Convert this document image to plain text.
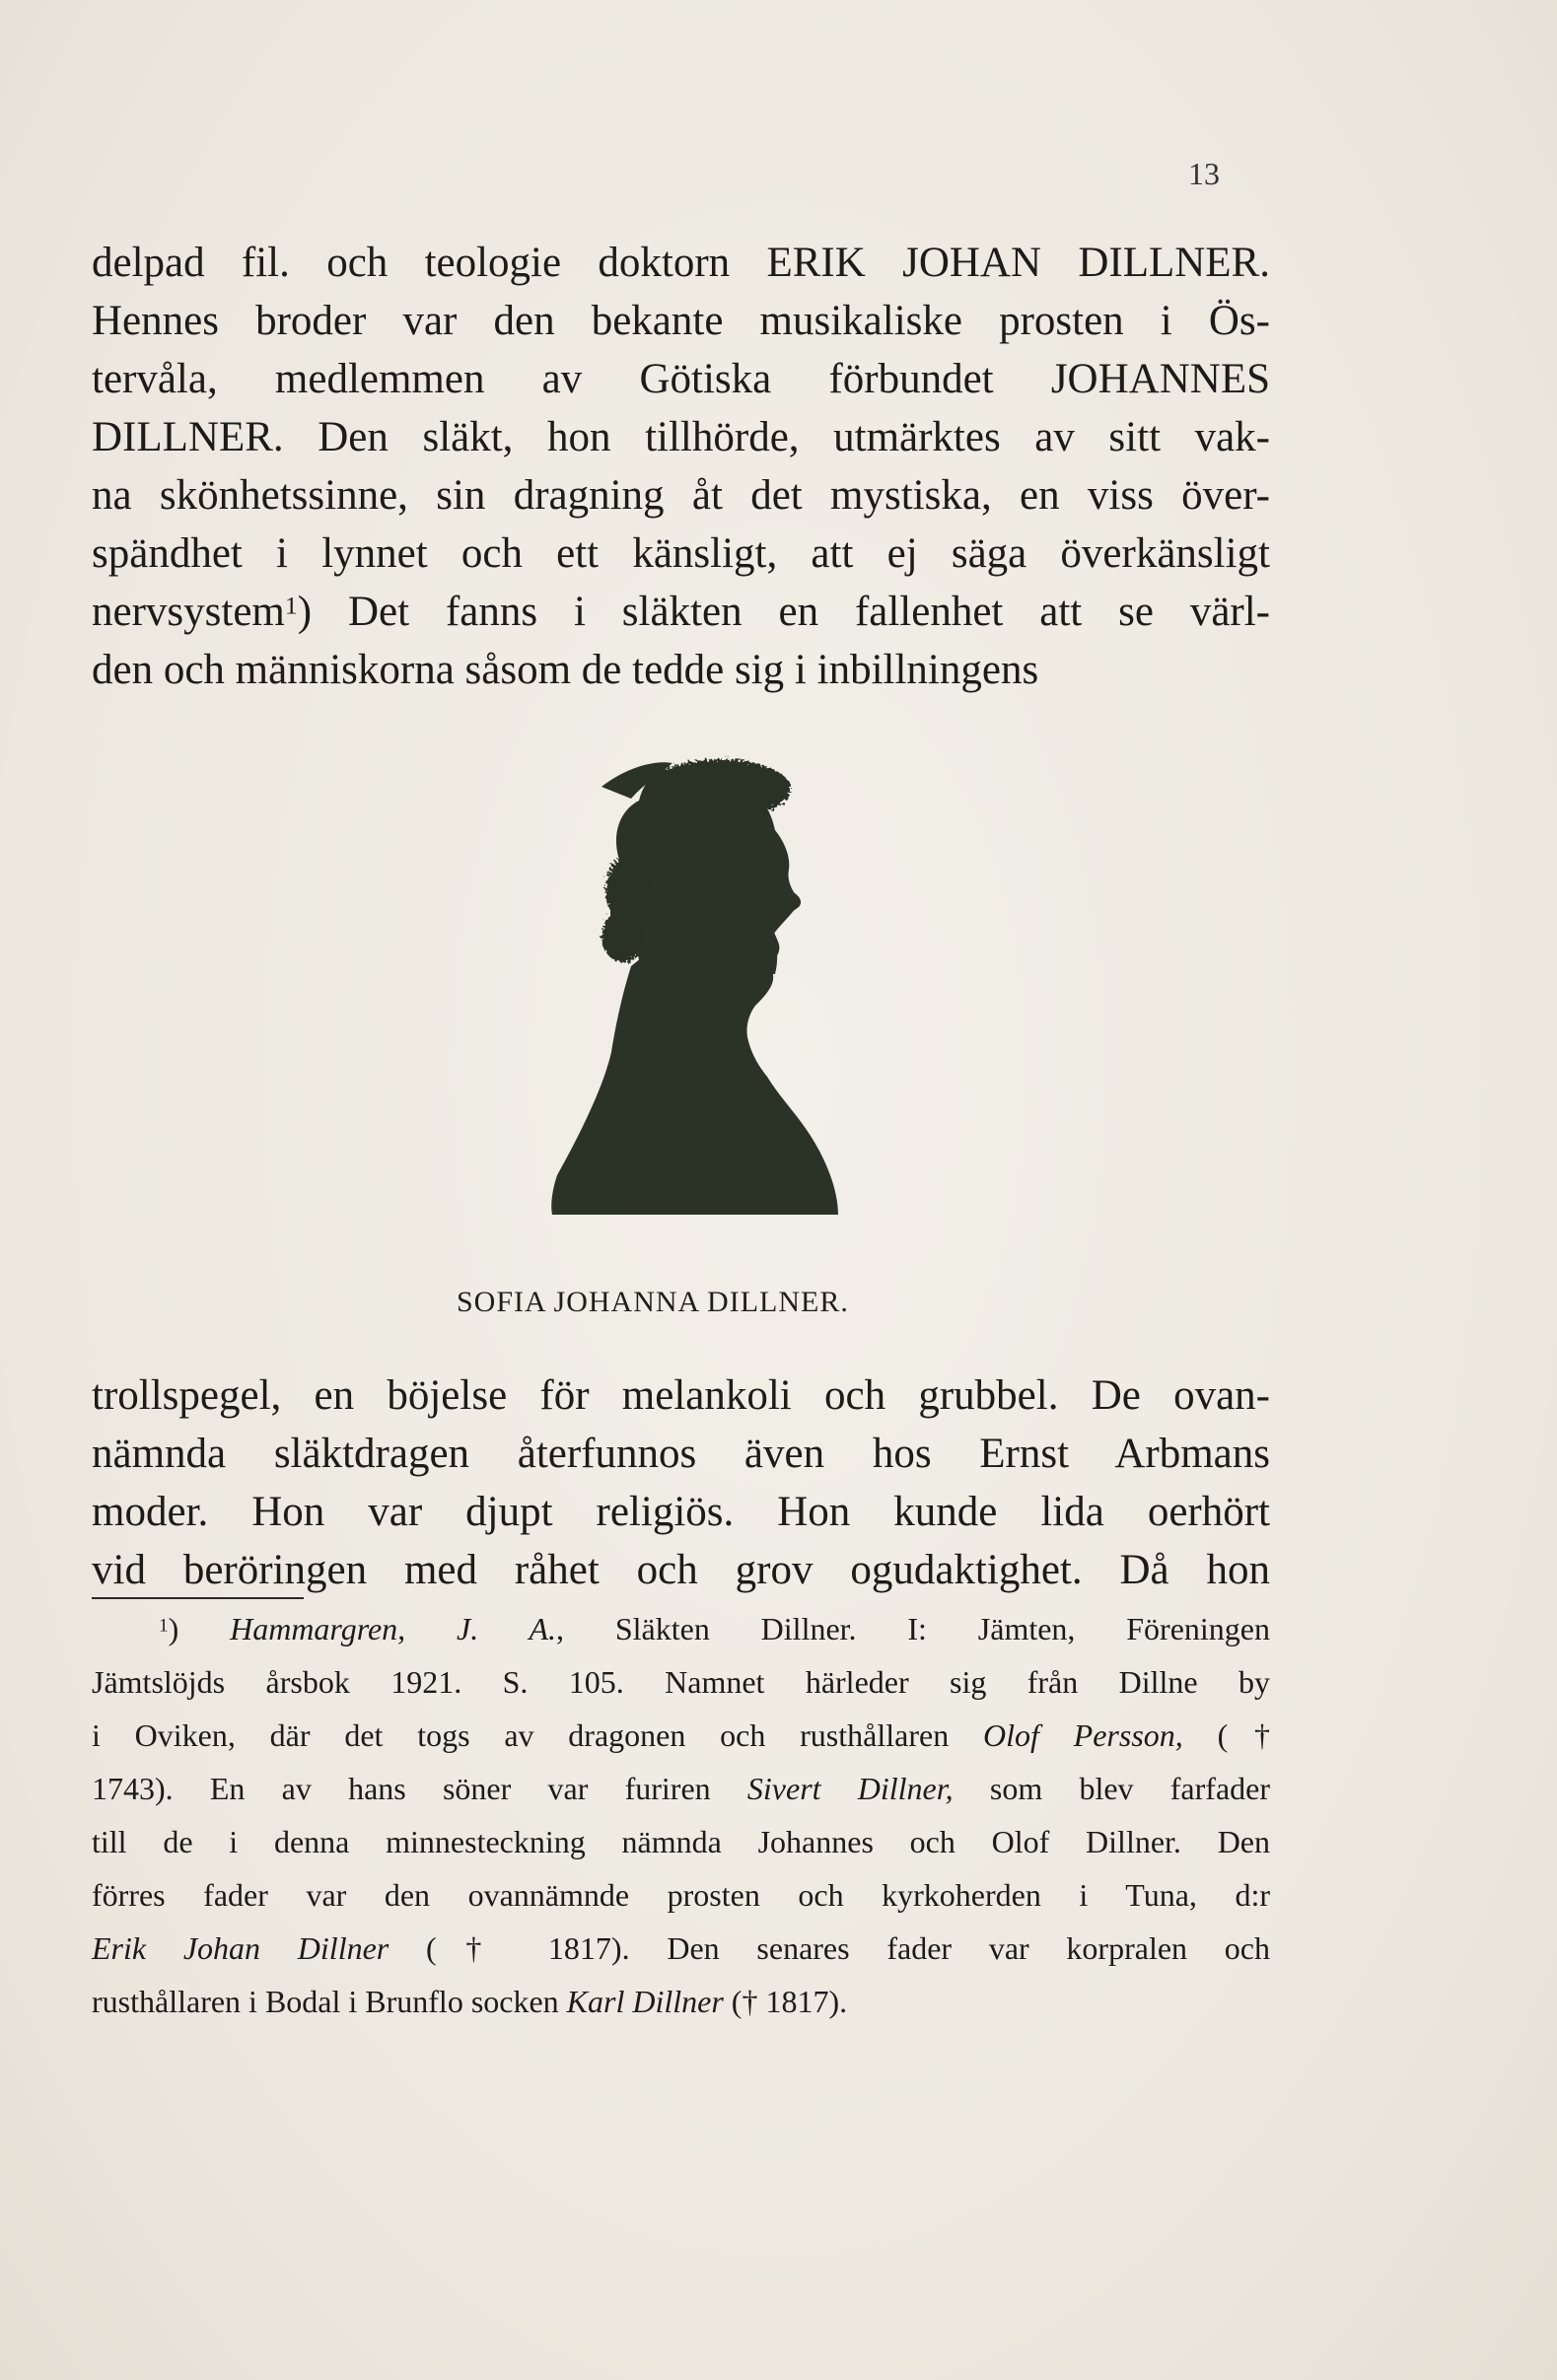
13
delpad fil. och teologie doktorn ERIK JOHAN DILLNER.
Hennes broder var den bekante musikaliske prosten i Ös-
tervåla, medlemmen av Götiska förbundet JOHANNES
DILLNER. Den släkt, hon tillhörde, utmärktes av sitt vak-
na skönhetssinne, sin dragning åt det mystiska, en viss över-
spändhet i lynnet och ett känsligt, att ej säga överkänsligt
nervsystem$^1$) Det fanns i släkten en fallenhet att se värl-
den och människorna såsom de tedde sig i inbillningens
SOFIA JOHANNA DILLNER.
trollspegel, en böjelse för melankoli och grubbel. De ovan-
nämnda släktdragen återfunnos även hos Ernst Arbmans
moder. Hon var djupt religiös. Hon kunde lida oerhört
vid beröringen med råhet och grov ogudaktighet. Då hon
$^1$) Hammargren, J. A., Släkten Dillner. I: Jämten, Föreningen
Jämtslöjds årsbok 1921. S. 105. Namnet härleder sig från Dillne by
i Oviken, där det togs av dragonen och rusthållaren Olof Persson, (†
1743). En av hans söner var furiren Sivert Dillner, som blev farfader
till de i denna minnesteckning nämnda Johannes och Olof Dillner. Den
förres fader var den ovannämnde prosten och kyrkoherden i Tuna, d:r
Erik Johan Dillner († 1817). Den senares fader var korpralen och
rusthållaren i Bodal i Brunflo socken Karl Dillner († 1817).
